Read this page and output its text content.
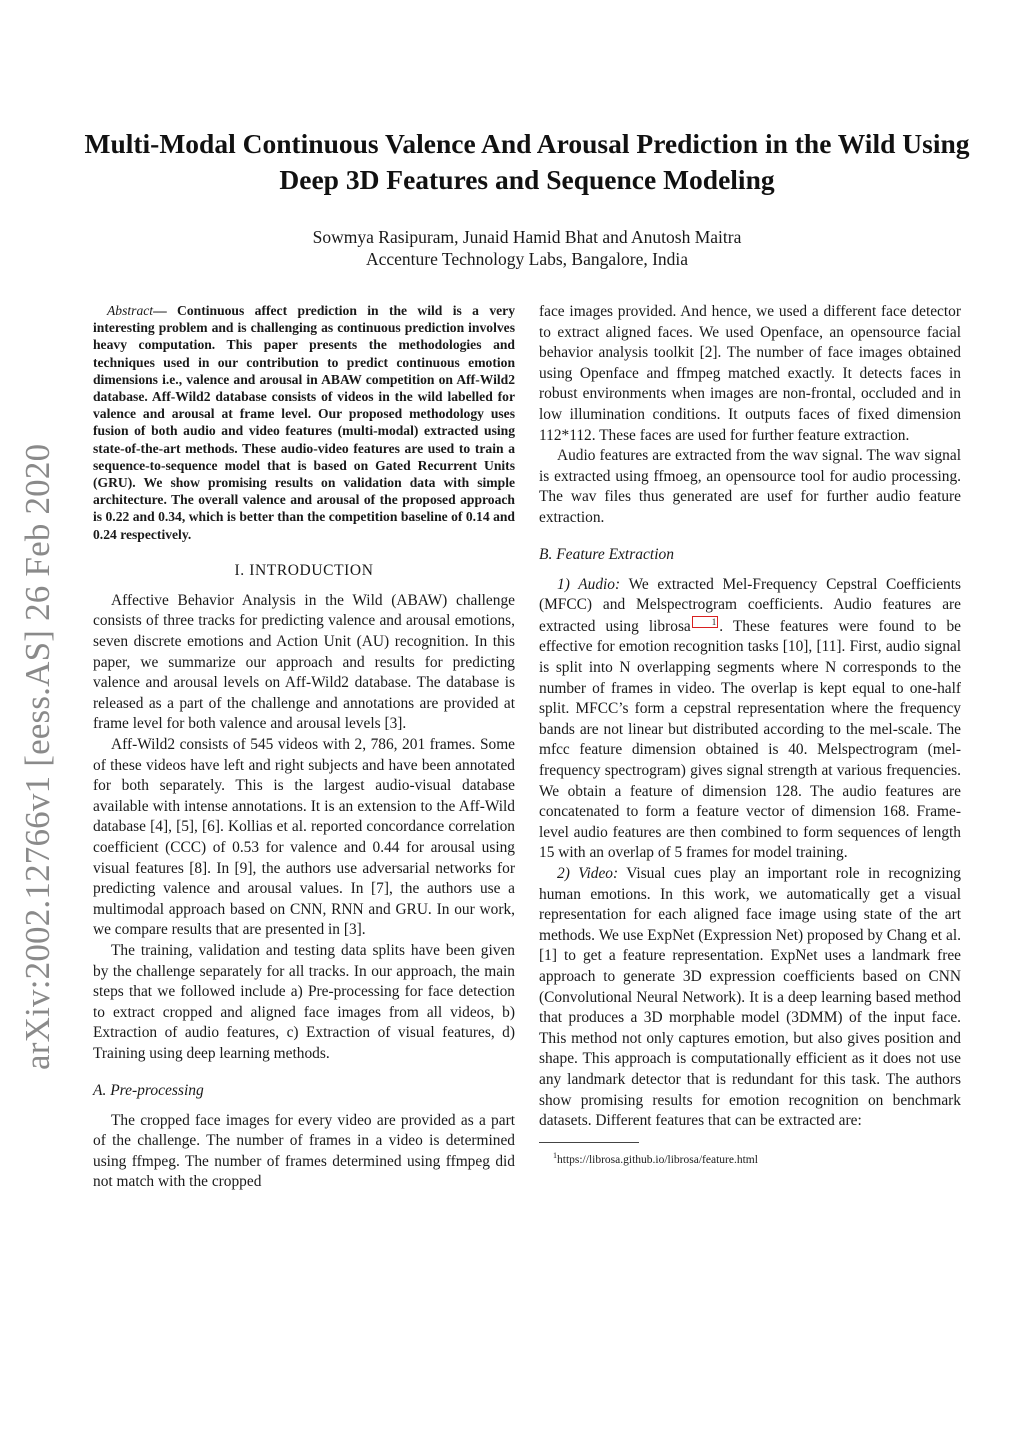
arXiv:2002.12766v1 [eess.AS] 26 Feb 2020
Multi-Modal Continuous Valence And Arousal Prediction in the Wild Using Deep 3D Features and Sequence Modeling
Sowmya Rasipuram, Junaid Hamid Bhat and Anutosh Maitra
Accenture Technology Labs, Bangalore, India

Abstract— Continuous affect prediction in the wild is a very interesting problem and is challenging as continuous prediction involves heavy computation. This paper presents the methodologies and techniques used in our contribution to predict continuous emotion dimensions i.e., valence and arousal in ABAW competition on Aff-Wild2 database. Aff-Wild2 database consists of videos in the wild labelled for valence and arousal at frame level. Our proposed methodology uses fusion of both audio and video features (multi-modal) extracted using state-of-the-art methods. These audio-video features are used to train a sequence-to-sequence model that is based on Gated Recurrent Units (GRU). We show promising results on validation data with simple architecture. The overall valence and arousal of the proposed approach is 0.22 and 0.34, which is better than the competition baseline of 0.14 and 0.24 respectively.

I. INTRODUCTION

Affective Behavior Analysis in the Wild (ABAW) challenge consists of three tracks for predicting valence and arousal emotions, seven discrete emotions and Action Unit (AU) recognition. In this paper, we summarize our approach and results for predicting valence and arousal levels on Aff-Wild2 database. The database is released as a part of the challenge and annotations are provided at frame level for both valence and arousal levels [3].

Aff-Wild2 consists of 545 videos with 2, 786, 201 frames. Some of these videos have left and right subjects and have been annotated for both separately. This is the largest audio-visual database available with intense annotations. It is an extension to the Aff-Wild database [4], [5], [6]. Kollias et al. reported concordance correlation coefficient (CCC) of 0.53 for valence and 0.44 for arousal using visual features [8]. In [9], the authors use adversarial networks for predicting valence and arousal values. In [7], the authors use a multimodal approach based on CNN, RNN and GRU. In our work, we compare results that are presented in [3].

The training, validation and testing data splits have been given by the challenge separately for all tracks. In our approach, the main steps that we followed include a) Pre-processing for face detection to extract cropped and aligned face images from all videos, b) Extraction of audio features, c) Extraction of visual features, d) Training using deep learning methods.

A. Pre-processing

The cropped face images for every video are provided as a part of the challenge. The number of frames in a video is determined using ffmpeg. The number of frames determined using ffmpeg did not match with the cropped

face images provided. And hence, we used a different face detector to extract aligned faces. We used Openface, an opensource facial behavior analysis toolkit [2]. The number of face images obtained using Openface and ffmpeg matched exactly. It detects faces in robust environments when images are non-frontal, occluded and in low illumination conditions. It outputs faces of fixed dimension 112*112. These faces are used for further feature extraction.

Audio features are extracted from the wav signal. The wav signal is extracted using ffmoeg, an opensource tool for audio processing. The wav files thus generated are usef for further audio feature extraction.

B. Feature Extraction

1) Audio: We extracted Mel-Frequency Cepstral Coefficients (MFCC) and Melspectrogram coefficients. Audio features are extracted using librosa 1 . These features were found to be effective for emotion recognition tasks [10], [11]. First, audio signal is split into N overlapping segments where N corresponds to the number of frames in video. The overlap is kept equal to one-half split. MFCC’s form a cepstral representation where the frequency bands are not linear but distributed according to the mel-scale. The mfcc feature dimension obtained is 40. Melspectrogram (mel-frequency spectrogram) gives signal strength at various frequencies. We obtain a feature of dimension 128. The audio features are concatenated to form a feature vector of dimension 168. Frame-level audio features are then combined to form sequences of length 15 with an overlap of 5 frames for model training.

2) Video: Visual cues play an important role in recognizing human emotions. In this work, we automatically get a visual representation for each aligned face image using state of the art methods. We use ExpNet (Expression Net) proposed by Chang et al. [1] to get a feature representation. ExpNet uses a landmark free approach to generate 3D expression coefficients based on CNN (Convolutional Neural Network). It is a deep learning based method that produces a 3D morphable model (3DMM) of the input face. This method not only captures emotion, but also gives position and shape. This approach is computationally efficient as it does not use any landmark detector that is redundant for this task. The authors show promising results for emotion recognition on benchmark datasets. Different features that can be extracted are:

$^1$https://librosa.github.io/librosa/feature.html
